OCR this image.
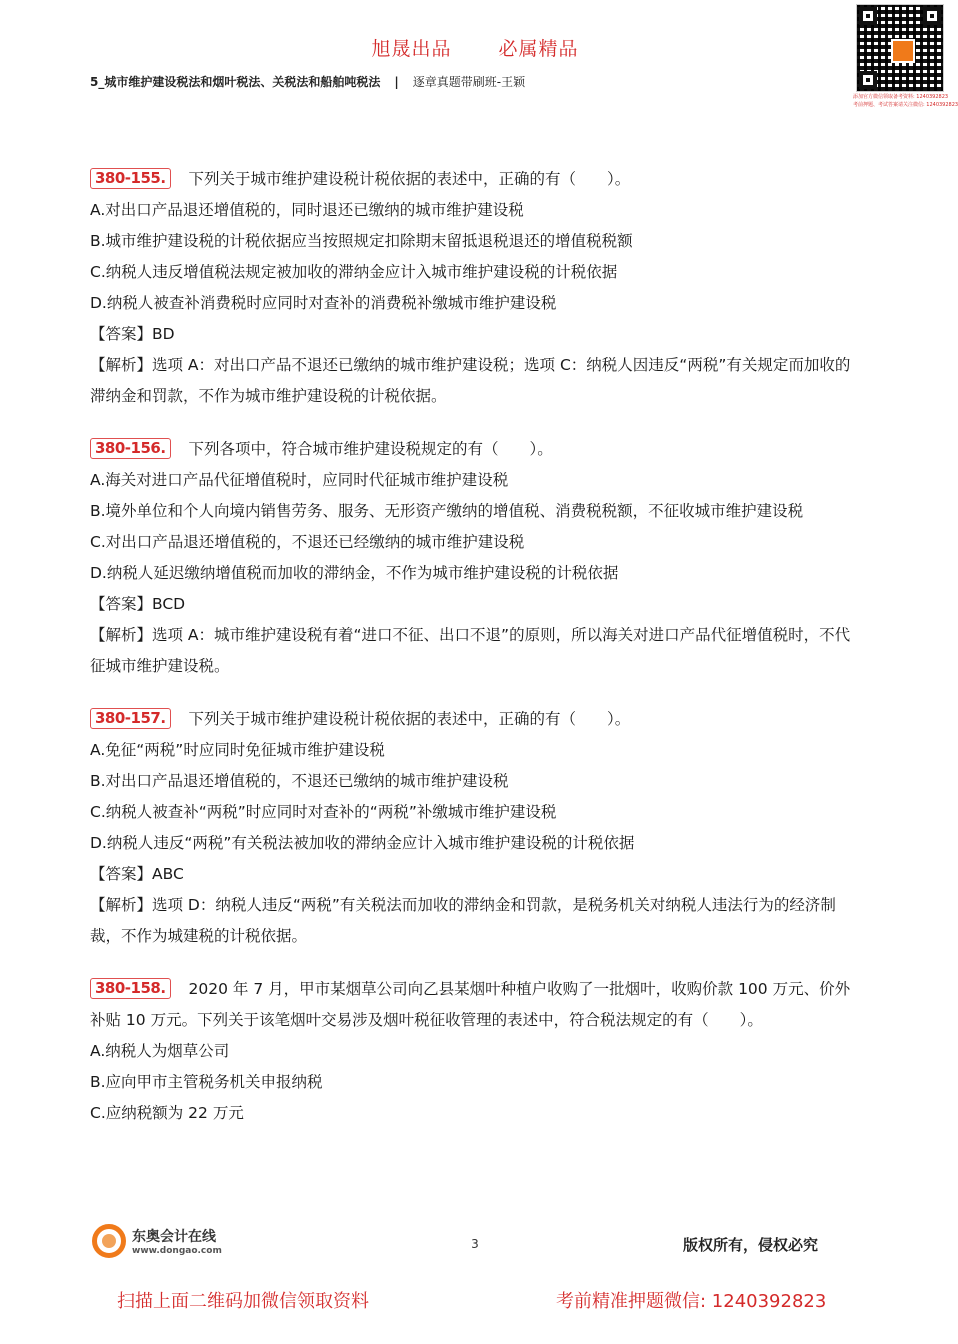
旭晟出品 必属精品
5_城市维护建设税法和烟叶税法、关税法和船舶吨税法 | 逐章真题带刷班-王颖
添加官方微信领取备考资料: 1240392823
考前押题、考试答案请关注微信: 1240392823
380-155. 下列关于城市维护建设税计税依据的表述中，正确的有（　　）。
A.对出口产品退还增值税的，同时退还已缴纳的城市维护建设税
B.城市维护建设税的计税依据应当按照规定扣除期末留抵退税退还的增值税税额
C.纳税人违反增值税法规定被加收的滞纳金应计入城市维护建设税的计税依据
D.纳税人被查补消费税时应同时对查补的消费税补缴城市维护建设税
【答案】BD
【解析】选项 A：对出口产品不退还已缴纳的城市维护建设税；选项 C：纳税人因违反“两税”有关规定而加收的滞纳金和罚款，不作为城市维护建设税的计税依据。
380-156. 下列各项中，符合城市维护建设税规定的有（　　）。
A.海关对进口产品代征增值税时，应同时代征城市维护建设税
B.境外单位和个人向境内销售劳务、服务、无形资产缴纳的增值税、消费税税额，不征收城市维护建设税
C.对出口产品退还增值税的，不退还已经缴纳的城市维护建设税
D.纳税人延迟缴纳增值税而加收的滞纳金，不作为城市维护建设税的计税依据
【答案】BCD
【解析】选项 A：城市维护建设税有着“进口不征、出口不退”的原则，所以海关对进口产品代征增值税时，不代征城市维护建设税。
380-157. 下列关于城市维护建设税计税依据的表述中，正确的有（　　）。
A.免征“两税”时应同时免征城市维护建设税
B.对出口产品退还增值税的，不退还已缴纳的城市维护建设税
C.纳税人被查补“两税”时应同时对查补的“两税”补缴城市维护建设税
D.纳税人违反“两税”有关税法被加收的滞纳金应计入城市维护建设税的计税依据
【答案】ABC
【解析】选项 D：纳税人违反“两税”有关税法而加收的滞纳金和罚款，是税务机关对纳税人违法行为的经济制裁，不作为城建税的计税依据。
380-158. 2020 年 7 月，甲市某烟草公司向乙县某烟叶种植户收购了一批烟叶，收购价款 100 万元、价外补贴 10 万元。下列关于该笔烟叶交易涉及烟叶税征收管理的表述中，符合税法规定的有（　　）。
A.纳税人为烟草公司
B.应向甲市主管税务机关申报纳税
C.应纳税额为 22 万元
东奥会计在线
www.dongao.com	3	版权所有，侵权必究
扫描上面二维码加微信领取资料	考前精准押题微信: 1240392823
